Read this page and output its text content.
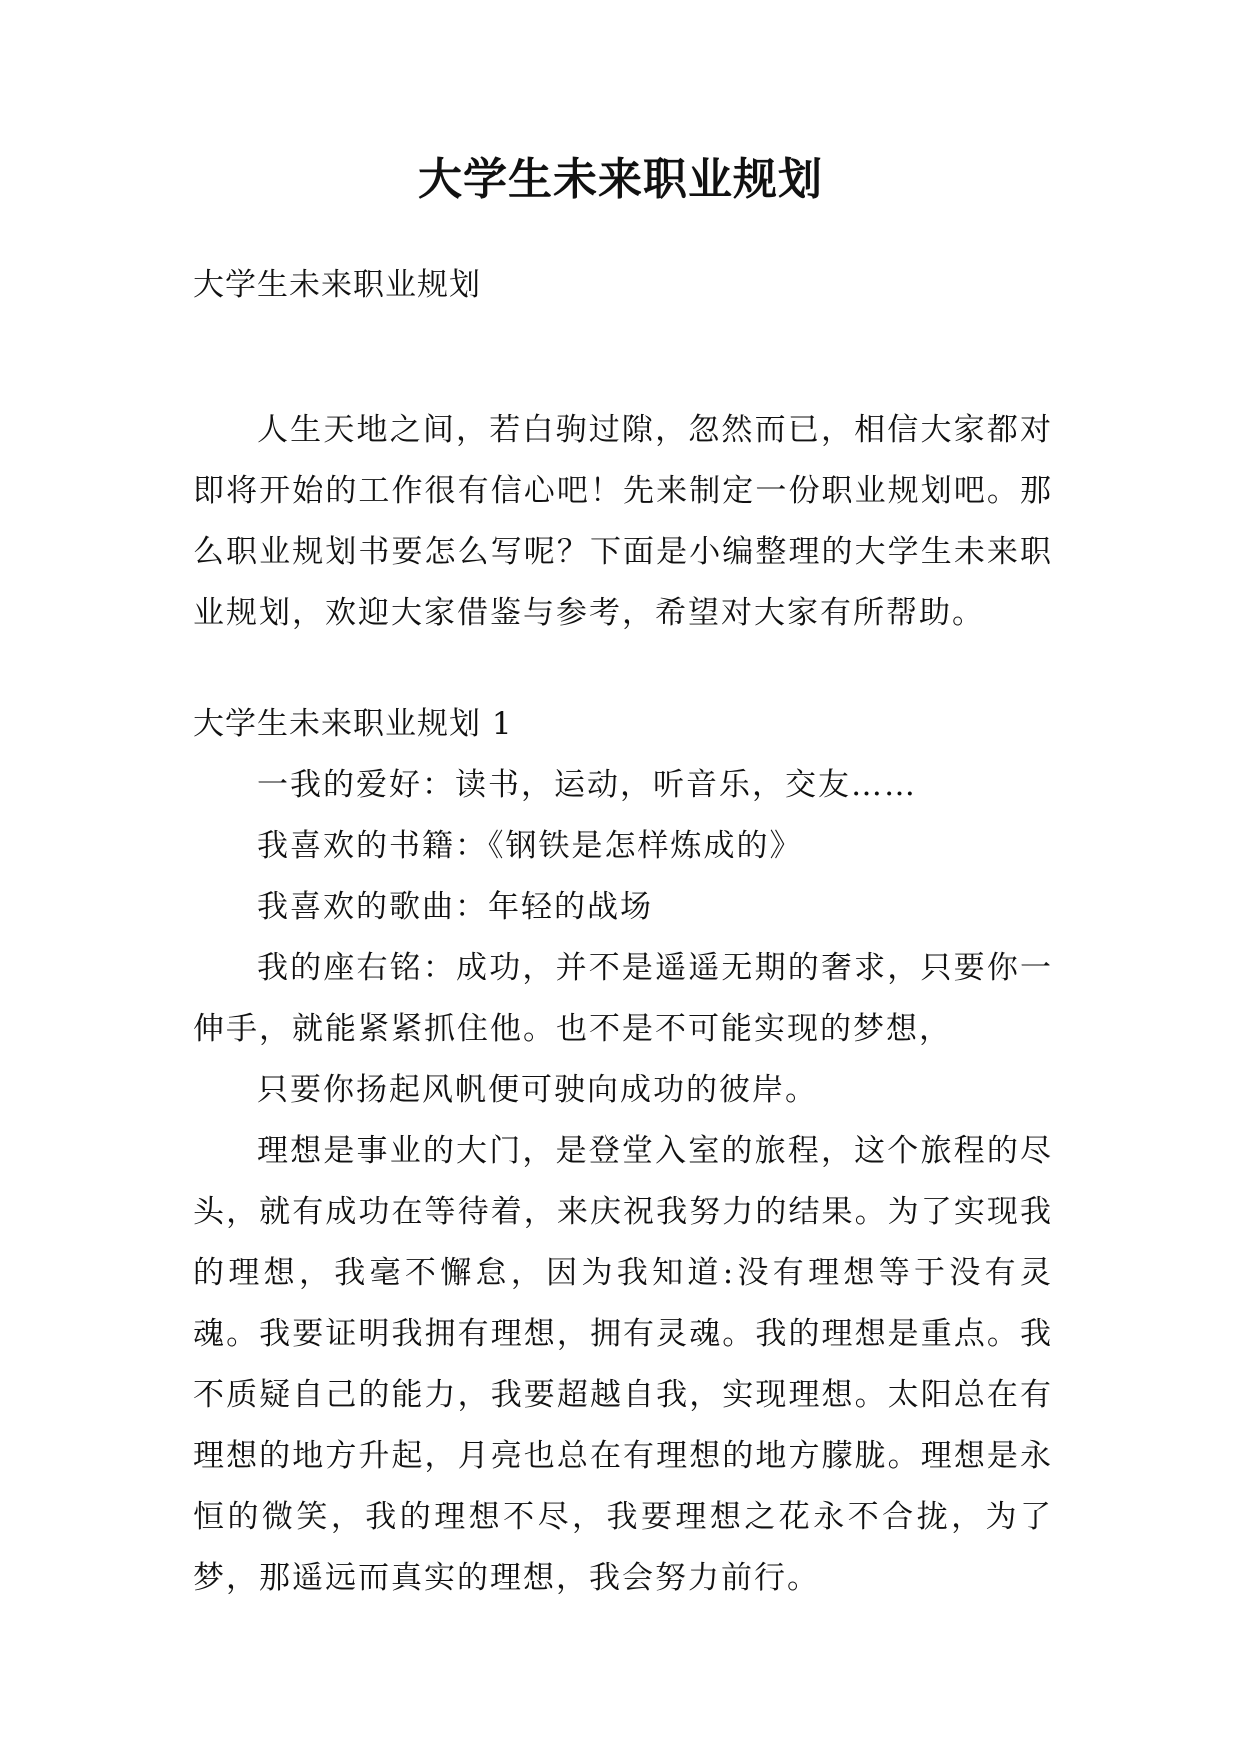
大学生未来职业规划

大学生未来职业规划

人生天地之间，若白驹过隙，忽然而已，相信大家都对即将开始的工作很有信心吧！先来制定一份职业规划吧。那么职业规划书要怎么写呢？下面是小编整理的大学生未来职业规划，欢迎大家借鉴与参考，希望对大家有所帮助。

大学生未来职业规划 1

一我的爱好：读书，运动，听音乐，交友……

我喜欢的书籍：《钢铁是怎样炼成的》

我喜欢的歌曲：年轻的战场

我的座右铭：成功，并不是遥遥无期的奢求，只要你一伸手，就能紧紧抓住他。也不是不可能实现的梦想，

只要你扬起风帆便可驶向成功的彼岸。

理想是事业的大门，是登堂入室的旅程，这个旅程的尽头，就有成功在等待着，来庆祝我努力的结果。为了实现我的理想，我毫不懈怠，因为我知道:没有理想等于没有灵魂。我要证明我拥有理想，拥有灵魂。我的理想是重点。我不质疑自己的能力，我要超越自我，实现理想。太阳总在有理想的地方升起，月亮也总在有理想的地方朦胧。理想是永恒的微笑，我的理想不尽，我要理想之花永不合拢，为了梦，那遥远而真实的理想，我会努力前行。
